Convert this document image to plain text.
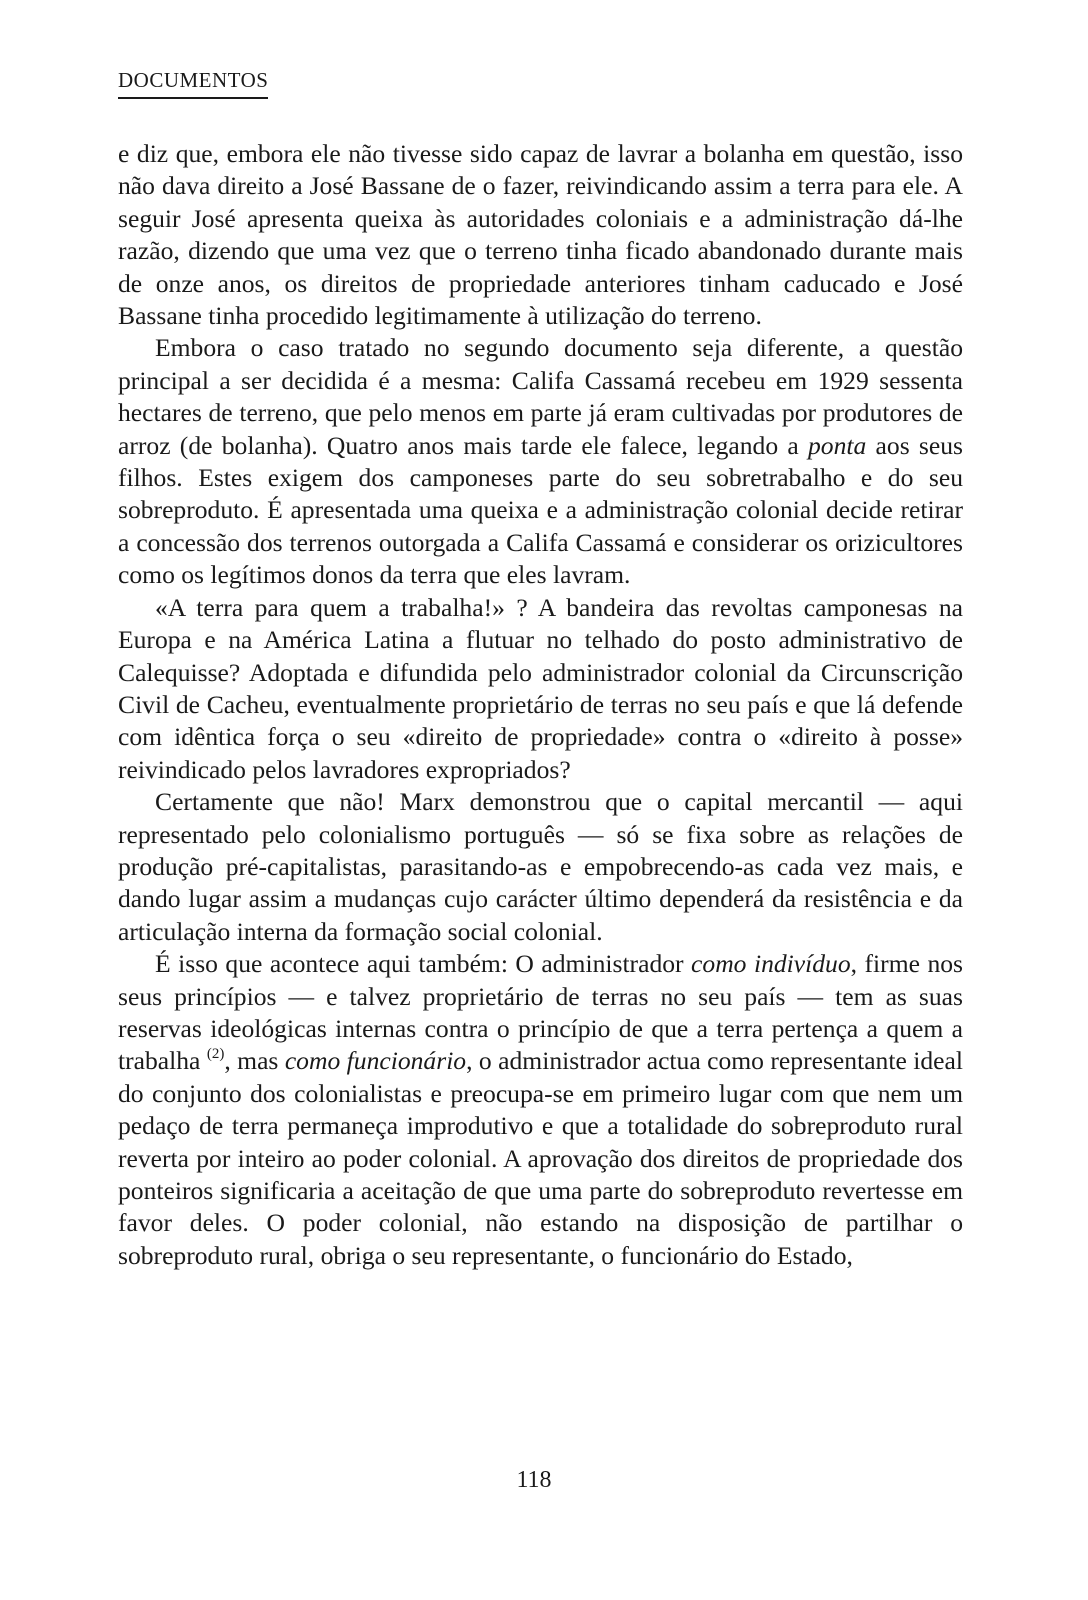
DOCUMENTOS

e diz que, embora ele não tivesse sido capaz de lavrar a bolanha em questão, isso não dava direito a José Bassane de o fazer, reivindicando assim a terra para ele. A seguir José apresenta queixa às autoridades coloniais e a administração dá-lhe razão, dizendo que uma vez que o terreno tinha ficado abandonado durante mais de onze anos, os direitos de propriedade anteriores tinham caducado e José Bassane tinha procedido legitimamente à utilização do terreno.

Embora o caso tratado no segundo documento seja diferente, a questão principal a ser decidida é a mesma: Califa Cassamá recebeu em 1929 sessenta hectares de terreno, que pelo menos em parte já eram cultivadas por produtores de arroz (de bolanha). Quatro anos mais tarde ele falece, legando a ponta aos seus filhos. Estes exigem dos camponeses parte do seu sobretrabalho e do seu sobreproduto. É apresentada uma queixa e a administração colonial decide retirar a concessão dos terrenos outorgada a Califa Cassamá e considerar os orizicultores como os legítimos donos da terra que eles lavram.

«A terra para quem a trabalha!» ? A bandeira das revoltas camponesas na Europa e na América Latina a flutuar no telhado do posto administrativo de Calequisse? Adoptada e difundida pelo administrador colonial da Circunscrição Civil de Cacheu, eventualmente proprietário de terras no seu país e que lá defende com idêntica força o seu «direito de propriedade» contra o «direito à posse» reivindicado pelos lavradores expropriados?

Certamente que não! Marx demonstrou que o capital mercantil — aqui representado pelo colonialismo português — só se fixa sobre as relações de produção pré-capitalistas, parasitando-as e empobrecendo-as cada vez mais, e dando lugar assim a mudanças cujo carácter último dependerá da resistência e da articulação interna da formação social colonial.

É isso que acontece aqui também: O administrador como indivíduo, firme nos seus princípios — e talvez proprietário de terras no seu país — tem as suas reservas ideológicas internas contra o princípio de que a terra pertença a quem a trabalha $^{(2)}$, mas como funcionário, o administrador actua como representante ideal do conjunto dos colonialistas e preocupa-se em primeiro lugar com que nem um pedaço de terra permaneça improdutivo e que a totalidade do sobreproduto rural reverta por inteiro ao poder colonial. A aprovação dos direitos de propriedade dos ponteiros significaria a aceitação de que uma parte do sobreproduto revertesse em favor deles. O poder colonial, não estando na disposição de partilhar o sobreproduto rural, obriga o seu representante, o funcionário do Estado,

118
